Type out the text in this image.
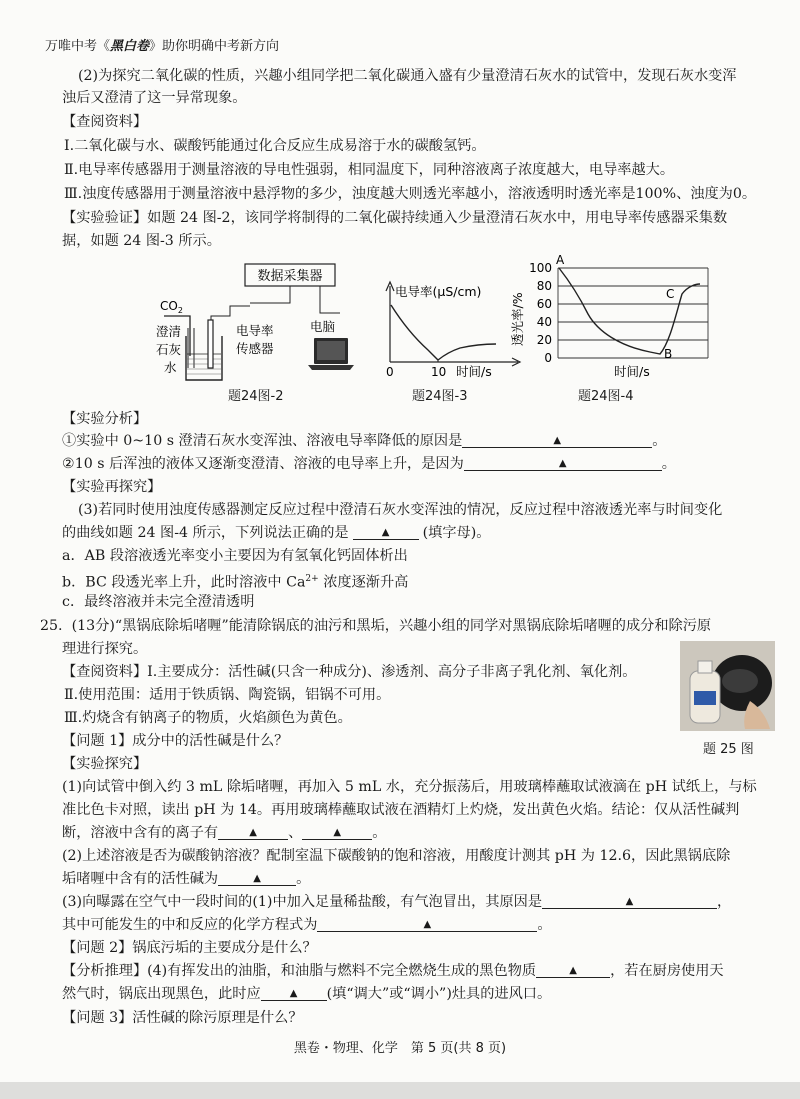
万唯中考《黑白卷》助你明确中考新方向
(2)为探究二氧化碳的性质，兴趣小组同学把二氧化碳通入盛有少量澄清石灰水的试管中，发现石灰水变浑
浊后又澄清了这一异常现象。
【查阅资料】
Ⅰ.二氧化碳与水、碳酸钙能通过化合反应生成易溶于水的碳酸氢钙。
Ⅱ.电导率传感器用于测量溶液的导电性强弱，相同温度下，同种溶液离子浓度越大，电导率越大。
Ⅲ.浊度传感器用于测量溶液中悬浮物的多少，浊度越大则透光率越小，溶液透明时透光率是100%、浊度为0。
【实验验证】如题 24 图-2，该同学将制得的二氧化碳持续通入少量澄清石灰水中，用电导率传感器采集数
据，如题 24 图-3 所示。
数据采集器
$CO_2$
澄清
石灰
水
电导率
传感器
电脑
题24图-2
电导率(μS/cm)
0	10 时间/s
题24图-3
100
80
60
40
20
0
透光率/%
A
B
C
时间/s
题24图-4
【实验分析】
①实验中 0~10 s 澄清石灰水变浑浊、溶液电导率降低的原因是	▲	。
②10 s 后浑浊的液体又逐渐变澄清、溶液的电导率上升，是因为	▲	。
【实验再探究】
(3)若同时使用浊度传感器测定反应过程中澄清石灰水变浑浊的情况，反应过程中溶液透光率与时间变化
的曲线如题 24 图-4 所示，下列说法正确的是	▲ (填字母)。
a．AB 段溶液透光率变小主要因为有氢氧化钙固体析出
b．BC 段透光率上升，此时溶液中 $Ca^{2+}$ 浓度逐渐升高
c．最终溶液并未完全澄清透明
25. (13分)“黑锅底除垢啫喱”能清除锅底的油污和黑垢，兴趣小组的同学对黑锅底除垢啫喱的成分和除污原
理进行探究。
【查阅资料】Ⅰ.主要成分：活性碱(只含一种成分)、渗透剂、高分子非离子乳化剂、氧化剂。
Ⅱ.使用范围：适用于铁质锅、陶瓷锅，铝锅不可用。
Ⅲ.灼烧含有钠离子的物质，火焰颜色为黄色。
题 25 图
【问题 1】成分中的活性碱是什么？
【实验探究】
(1)向试管中倒入约 3 mL 除垢啫喱，再加入 5 mL 水，充分振荡后，用玻璃棒蘸取试液滴在 pH 试纸上，与标
准比色卡对照，读出 pH 为 14。再用玻璃棒蘸取试液在酒精灯上灼烧，发出黄色火焰。结论：仅从活性碱判
断，溶液中含有的离子有	▲ 、	▲ 。
(2)上述溶液是否为碳酸钠溶液？配制室温下碳酸钠的饱和溶液，用酸度计测其 pH 为 12.6，因此黑锅底除
垢啫喱中含有的活性碱为	▲ 。
(3)向曝露在空气中一段时间的(1)中加入足量稀盐酸，有气泡冒出，其原因是	▲	，
其中可能发生的中和反应的化学方程式为	▲	。
【问题 2】锅底污垢的主要成分是什么？
【分析推理】(4)有挥发出的油脂，和油脂与燃料不完全燃烧生成的黑色物质	▲ ，若在厨房使用天
然气时，锅底出现黑色，此时应	▲ (填“调大”或“调小”)灶具的进风口。
【问题 3】活性碱的除污原理是什么？
黑卷・物理、化学　第 5 页(共 8 页)
